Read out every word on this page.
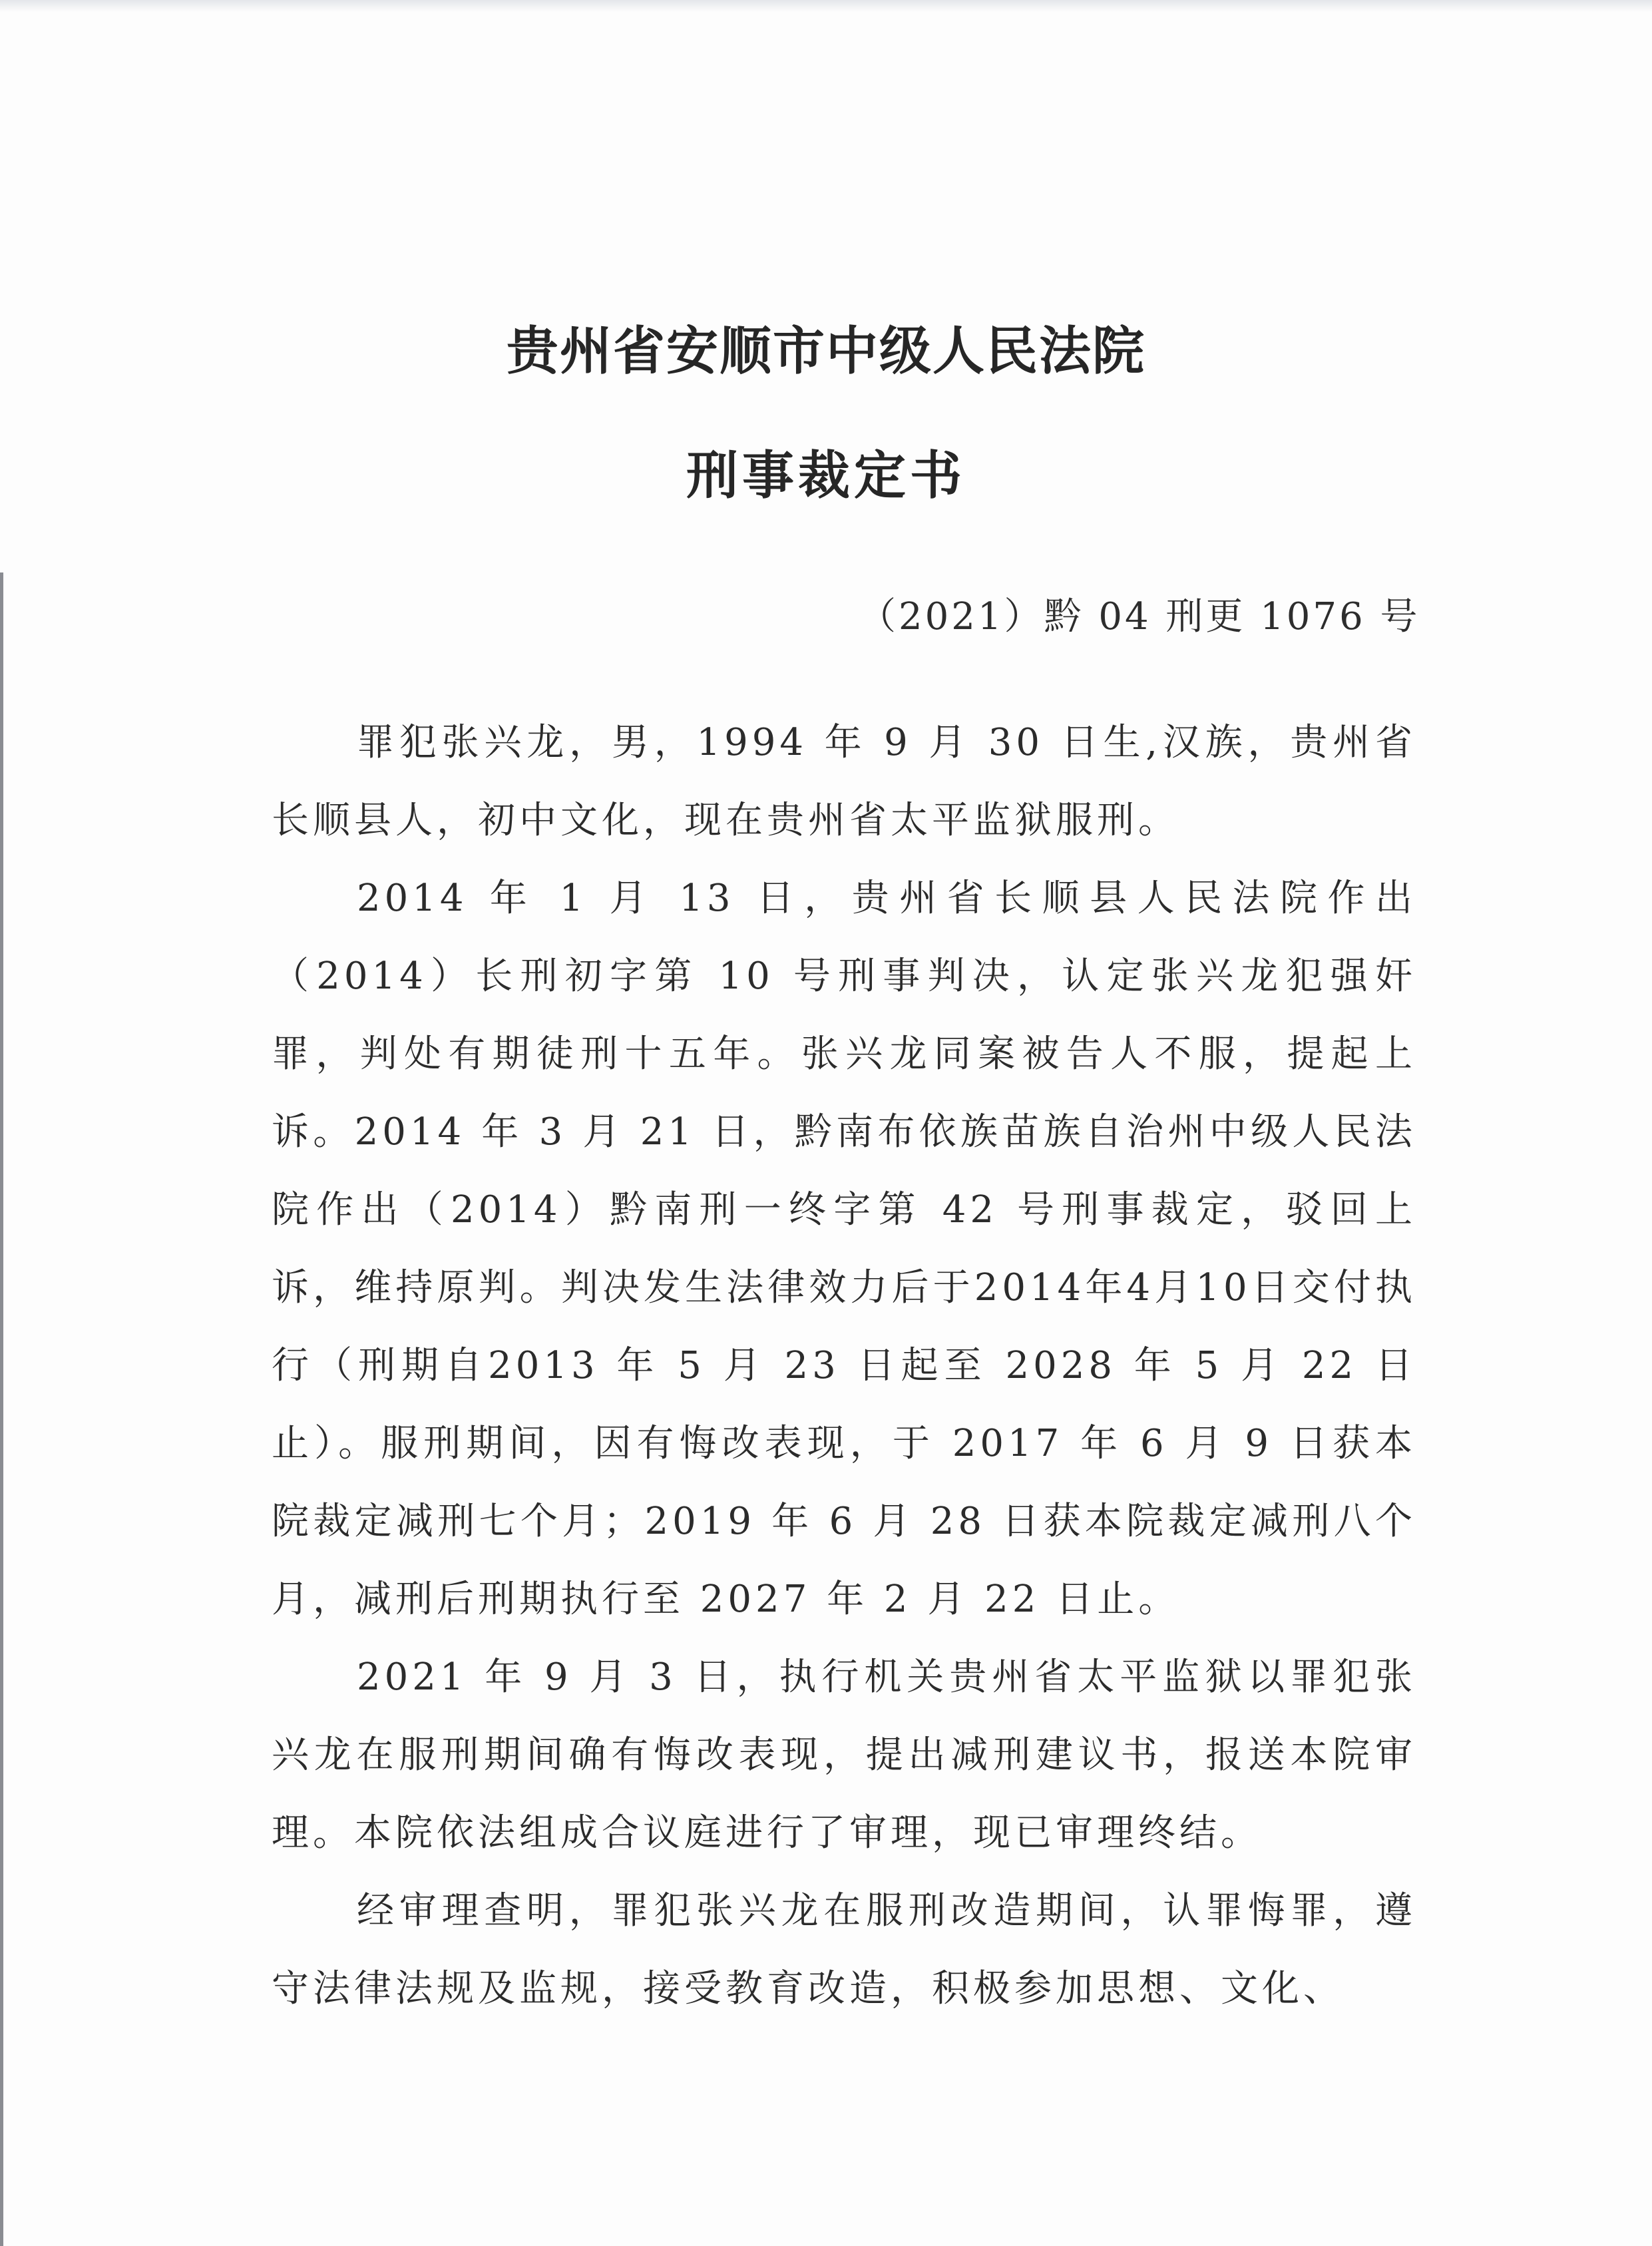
贵州省安顺市中级人民法院
刑事裁定书
（2021）黔 04 刑更 1076 号

罪犯张兴龙，男，1994 年 9 月 30 日生,汉族，贵州省长顺县人，初中文化，现在贵州省太平监狱服刑。

2014 年 1 月 13 日，贵州省长顺县人民法院作出（2014）长刑初字第 10 号刑事判决，认定张兴龙犯强奸罪，判处有期徒刑十五年。张兴龙同案被告人不服，提起上诉。2014 年 3 月 21 日，黔南布依族苗族自治州中级人民法院作出（2014）黔南刑一终字第 42 号刑事裁定，驳回上诉，维持原判。判决发生法律效力后于2014年4月10日交付执行（刑期自2013 年 5 月 23 日起至 2028 年 5 月 22 日止）。服刑期间，因有悔改表现，于 2017 年 6 月 9 日获本院裁定减刑七个月；2019 年 6 月 28 日获本院裁定减刑八个月，减刑后刑期执行至 2027 年 2 月 22 日止。

2021 年 9 月 3 日，执行机关贵州省太平监狱以罪犯张兴龙在服刑期间确有悔改表现，提出减刑建议书，报送本院审理。本院依法组成合议庭进行了审理，现已审理终结。

经审理查明，罪犯张兴龙在服刑改造期间，认罪悔罪，遵守法律法规及监规，接受教育改造，积极参加思想、文化、
